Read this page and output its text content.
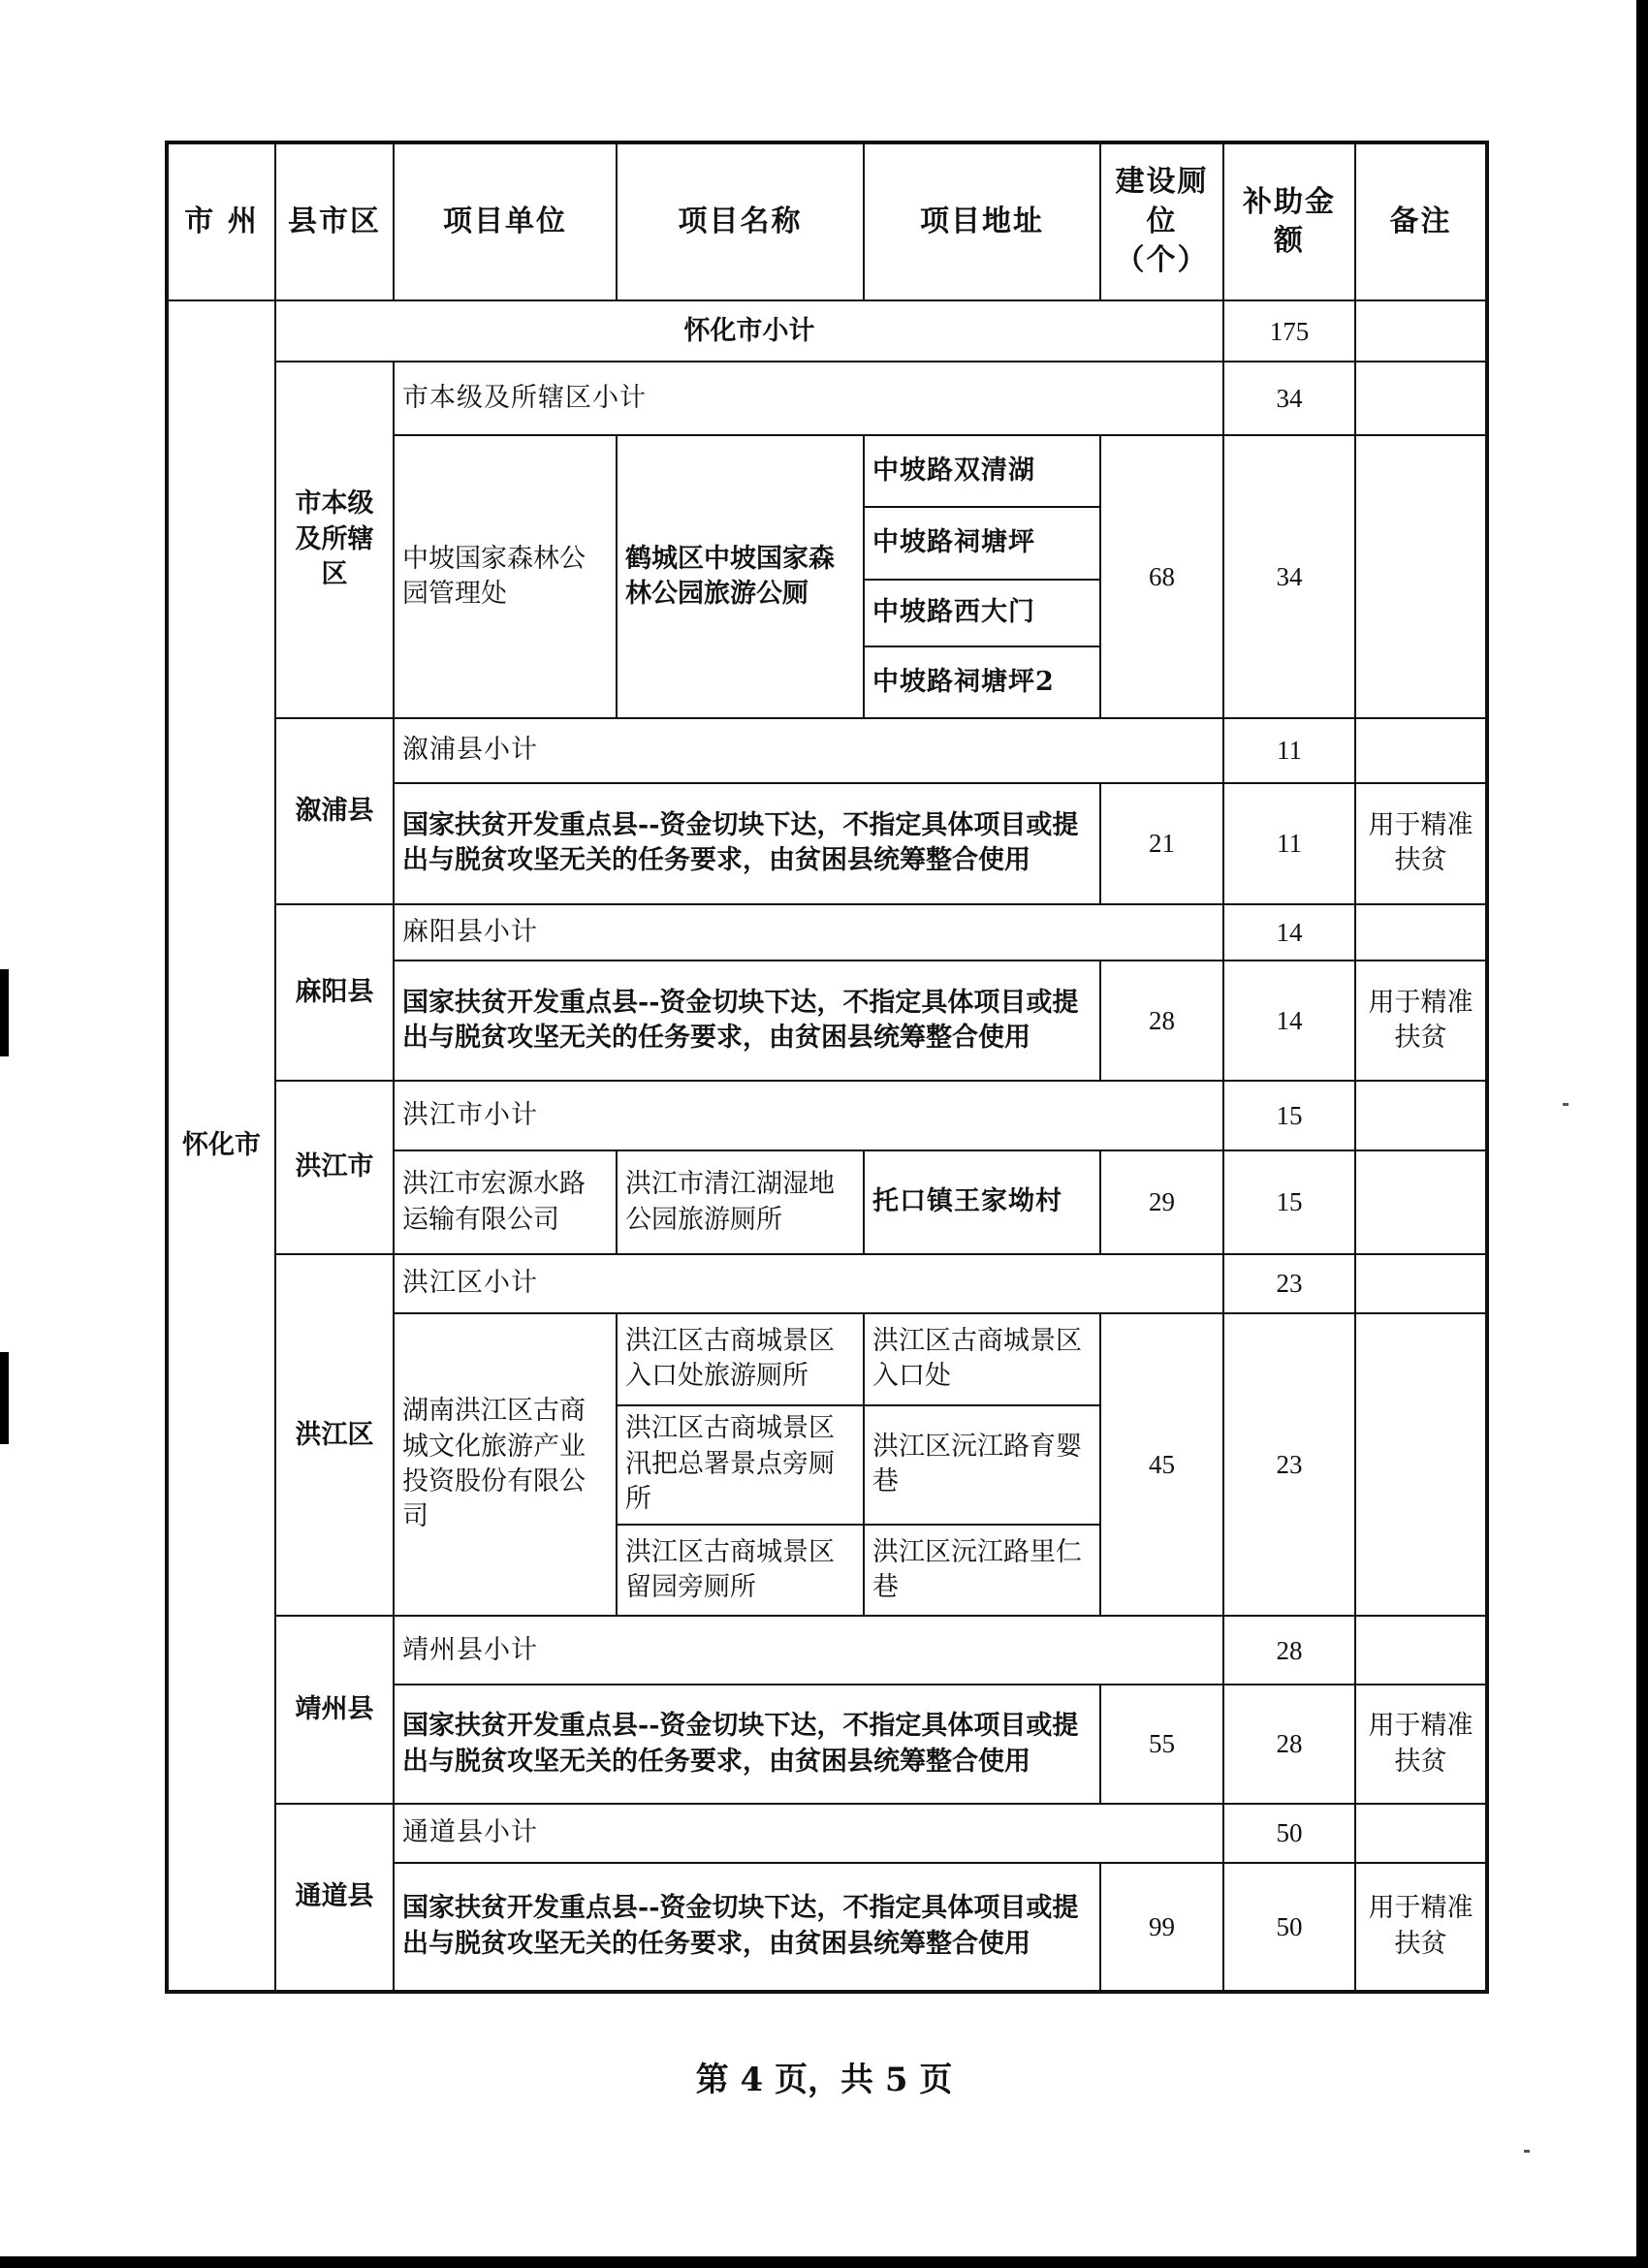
市 州	县市区	项目单位	项目名称	项目地址	建设厕位（个）	补助金额	备注
怀化市	怀化市小计					175	
	市本级及所辖区	市本级及所辖区小计				34	
		中坡国家森林公园管理处	鹤城区中坡国家森林公园旅游公厕	中坡路双清湖	68	34	
				中坡路祠塘坪			
				中坡路西大门			
				中坡路祠塘坪2			
	溆浦县	溆浦县小计				11	
		国家扶贫开发重点县--资金切块下达，不指定具体项目或提出与脱贫攻坚无关的任务要求，由贫困县统筹整合使用			21	11	用于精准扶贫
	麻阳县	麻阳县小计				14	
		国家扶贫开发重点县--资金切块下达，不指定具体项目或提出与脱贫攻坚无关的任务要求，由贫困县统筹整合使用			28	14	用于精准扶贫
	洪江市	洪江市小计				15	
		洪江市宏源水路运输有限公司	洪江市清江湖湿地公园旅游厕所	托口镇王家坳村	29	15	
	洪江区	洪江区小计				23	
		湖南洪江区古商城文化旅游产业投资股份有限公司	洪江区古商城景区入口处旅游厕所	洪江区古商城景区入口处	45	23	
			洪江区古商城景区汛把总署景点旁厕所	洪江区沅江路育婴巷			
			洪江区古商城景区留园旁厕所	洪江区沅江路里仁巷			
	靖州县	靖州县小计				28	
		国家扶贫开发重点县--资金切块下达，不指定具体项目或提出与脱贫攻坚无关的任务要求，由贫困县统筹整合使用			55	28	用于精准扶贫
	通道县	通道县小计				50	
		国家扶贫开发重点县--资金切块下达，不指定具体项目或提出与脱贫攻坚无关的任务要求，由贫困县统筹整合使用			99	50	用于精准扶贫
第 4 页，共 5 页
